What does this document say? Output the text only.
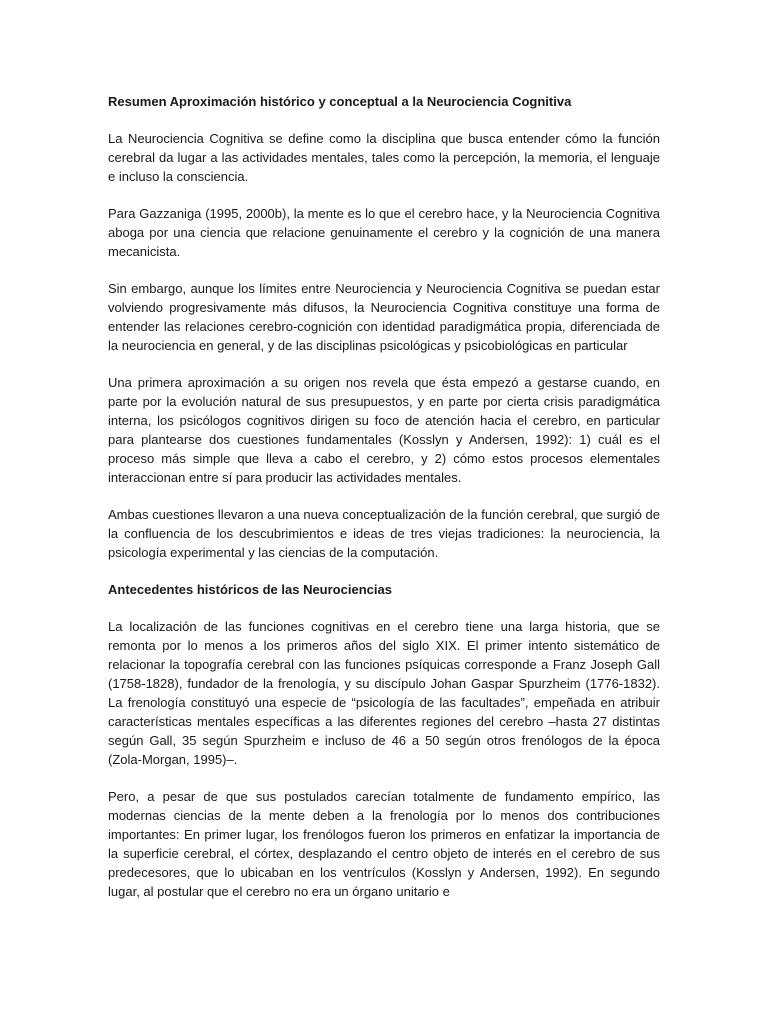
Resumen Aproximación histórico y conceptual a la Neurociencia Cognitiva

La Neurociencia Cognitiva se define como la disciplina que busca entender cómo la función cerebral da lugar a las actividades mentales, tales como la percepción, la memoria, el lenguaje e incluso la consciencia.

Para Gazzaniga (1995, 2000b), la mente es lo que el cerebro hace, y la Neurociencia Cognitiva aboga por una ciencia que relacione genuinamente el cerebro y la cognición de una manera mecanicista.

Sin embargo, aunque los límites entre Neurociencia y Neurociencia Cognitiva se puedan estar volviendo progresivamente más difusos, la Neurociencia Cognitiva constituye una forma de entender las relaciones cerebro-cognición con identidad paradigmática propia, diferenciada de la neurociencia en general, y de las disciplinas psicológicas y psicobiológicas en particular

Una primera aproximación a su origen nos revela que ésta empezó a gestarse cuando, en parte por la evolución natural de sus presupuestos, y en parte por cierta crisis paradigmática interna, los psicólogos cognitivos dirigen su foco de atención hacia el cerebro, en particular para plantearse dos cuestiones fundamentales (Kosslyn y Andersen, 1992): 1) cuál es el proceso más simple que lleva a cabo el cerebro, y 2) cómo estos procesos elementales interaccionan entre sí para producir las actividades mentales.

Ambas cuestiones llevaron a una nueva conceptualización de la función cerebral, que surgió de la confluencia de los descubrimientos e ideas de tres viejas tradiciones: la neurociencia, la psicología experimental y las ciencias de la computación.

Antecedentes históricos de las Neurociencias

La localización de las funciones cognitivas en el cerebro tiene una larga historia, que se remonta por lo menos a los primeros años del siglo XIX. El primer intento sistemático de relacionar la topografía cerebral con las funciones psíquicas corresponde a Franz Joseph Gall (1758-1828), fundador de la frenología, y su discípulo Johan Gaspar Spurzheim (1776-1832). La frenología constituyó una especie de “psicología de las facultades”, empeñada en atribuir características mentales específicas a las diferentes regiones del cerebro –hasta 27 distintas según Gall, 35 según Spurzheim e incluso de 46 a 50 según otros frenólogos de la época (Zola-Morgan, 1995)–.

Pero, a pesar de que sus postulados carecían totalmente de fundamento empírico, las modernas ciencias de la mente deben a la frenología por lo menos dos contribuciones importantes: En primer lugar, los frenólogos fueron los primeros en enfatizar la importancia de la superficie cerebral, el córtex, desplazando el centro objeto de interés en el cerebro de sus predecesores, que lo ubicaban en los ventrículos (Kosslyn y Andersen, 1992). En segundo lugar, al postular que el cerebro no era un órgano unitario e
